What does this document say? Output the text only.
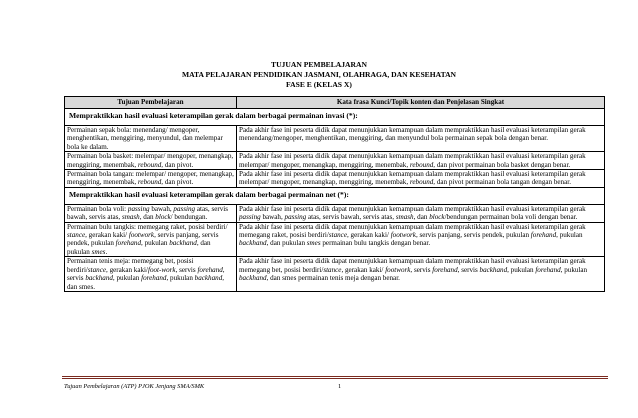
TUJUAN PEMBELAJARAN
MATA PELAJARAN PENDIDIKAN JASMANI, OLAHRAGA, DAN KESEHATAN
FASE E (KELAS X)
Tujuan Pembelajaran	Kata frasa Kunci/Topik konten dan Penjelasan Singkat
Mempraktikkan hasil evaluasi keterampilan gerak dalam berbagai permainan invasi (*):	
Permainan sepak bola: menendang/ mengoper, menghentikan, menggiring, menyundul, dan melempar bola ke dalam.	Pada akhir fase ini peserta didik dapat menunjukkan kemampuan dalam mempraktikkan hasil evaluasi keterampilan gerak menendang/mengoper, menghentikan, menggiring, dan menyundul bola permainan sepak bola dengan benar.
Permainan bola basket: melempar/ mengoper, menangkap, menggiring, menembak, rebound, dan pivot.	Pada akhir fase ini peserta didik dapat menunjukkan kemampuan dalam mempraktikkan hasil evaluasi keterampilan gerak melempar/ mengoper, menangkap, menggiring, menembak, rebound, dan pivot permainan bola basket dengan benar.
Permainan bola tangan: melempar/ mengoper, menangkap, menggiring, menembak, rebound, dan pivot.	Pada akhir fase ini peserta didik dapat menunjukkan kemampuan dalam mempraktikkan hasil evaluasi keterampilan gerak melempar/ mengoper, menangkap, menggiring, menembak, rebound, dan pivot permainan bola tangan dengan benar.
Mempraktikkan hasil evaluasi keterampilan gerak dalam berbagai permainan net (*):	
Permainan bola voli: passing bawah, passing atas, servis bawah, servis atas, smash, dan block/ bendungan.	Pada akhir fase ini peserta didik dapat menunjukkan kemampuan dalam mempraktikkan hasil evaluasi keterampilan gerak passing bawah, passing atas, servis bawah, servis atas, smash, dan block/bendungan permainan bola voli dengan benar.
Permainan bulu tangkis: memegang raket, posisi berdiri/ stance, gerakan kaki/ footwork, servis panjang, servis pendek, pukulan forehand, pukulan backhand, dan pukulan smes.	Pada akhir fase ini peserta didik dapat menunjukkan kemampuan dalam mempraktikkan hasil evaluasi keterampilan gerak memegang raket, posisi berdiri/stance, gerakan kaki/ footwork, servis panjang, servis pendek, pukulan forehand, pukulan backhand, dan pukulan smes permainan bulu tangkis dengan benar.
Permainan tenis meja: memegang bet, posisi berdiri/stance, gerakan kaki/foot-work, servis forehand, servis backhand, pukulan forehand, pukulan backhand, dan smes.	Pada akhir fase ini peserta didik dapat menunjukkan kemampuan dalam mempraktikkan hasil evaluasi keterampilan gerak memegang bet, posisi berdiri/stance, gerakan kaki/ footwork, servis forehand, servis backhand, pukulan forehand, pukulan backhand, dan smes permainan tenis meja dengan benar.
Tujuan Pembelajaran (ATP) PJOK Jenjang SMA/SMK	1
